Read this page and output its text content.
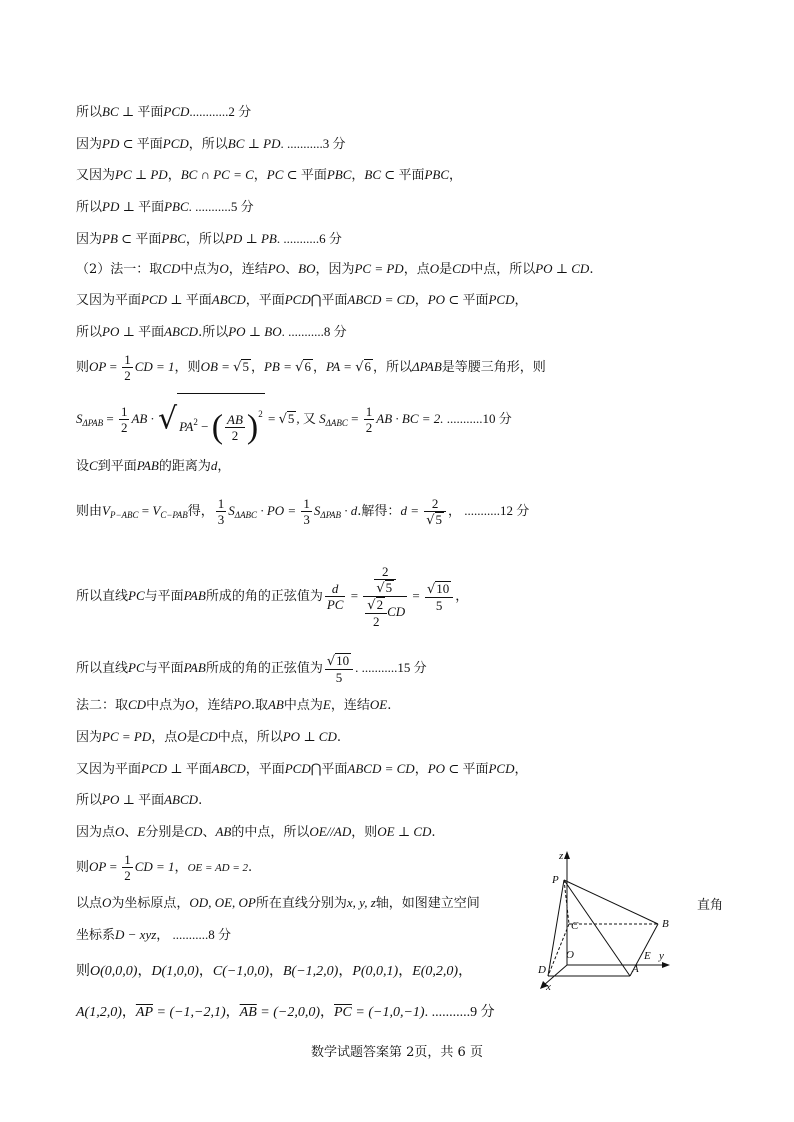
所以BC ⊥ 平面PCD............2 分
因为PD ⊂ 平面PCD，所以BC ⊥ PD. ...........3 分
又因为PC ⊥ PD，BC ∩ PC = C，PC ⊂ 平面PBC，BC ⊂ 平面PBC，
所以PD ⊥ 平面PBC. ...........5 分
因为PB ⊂ 平面PBC，所以PD ⊥ PB. ...........6 分
（2）法一：取CD中点为O，连结PO、BO，因为PC = PD，点O是CD中点，所以PO ⊥ CD.
又因为平面PCD ⊥ 平面ABCD，平面PCD⋂平面ABCD = CD，PO ⊂ 平面PCD，
所以PO ⊥ 平面ABCD.所以PO ⊥ BO. ...........8 分
则OP = $\frac{1}{2}$ CD = 1，则OB = √5 ，PB = √6 ，PA = √6 ，所以ΔPAB是等腰三角形，则
$S_{\Delta PAB} = \frac{1}{2}$ AB · √ $PA^2$ − ( $\frac{AB}{2} )^2 = √5$ , 又 $S_{\Delta ABC} = \frac{1}{2}$ AB · BC = 2. ...........10 分
设C到平面PAB的距离为d，
则由$V_{P-ABC} = V_{C-PAB}$得， $\frac{1}{3} S_{\Delta ABC}$ · PO = $\frac{1}{3} S_{\Delta PAB} \cdot d$.解得：$d = \frac{2}{√5}$ ， ...........12 分
所以直线PC与平面PAB所成的角的正弦值为 $\frac{d}{PC} = \frac{\frac{2}{√5}}{\frac{√2}{2} CD} = \frac{√10}{5}$ ，
所以直线PC与平面PAB所成的角的正弦值为 $\frac{√10}{5}$ . ...........15 分
法二：取CD中点为O，连结PO.取AB中点为E，连结OE.
因为PC = PD，点O是CD中点，所以PO ⊥ CD.
又因为平面PCD ⊥ 平面ABCD，平面PCD⋂平面ABCD = CD，PO ⊂ 平面PCD，
所以PO ⊥ 平面ABCD.
因为点O、E分别是CD、AB的中点，所以OE//AD，则OE ⊥ CD.
则OP = $\frac{1}{2}$ CD = 1，OE = AD = 2.
以点O为坐标原点，OD, OE, OP所在直线分别为x, y, z轴，如图建立空间	直角
坐标系D − xyz， ...........8 分
则O(0,0,0)，D(1,0,0)，C(−1,0,0)，B(−1,2,0)，P(0,0,1)，E(0,2,0)，
A(1,2,0)，$\overline{AP} = (-1,-2,1)$，$\overline{AB} = (-2,0,0)$，$\overline{PC} = (-1,0,-1)$. ...........9 分
z
P
C
O
B
E y
D	A
x
数学试题答案第 2页，共 6 页
